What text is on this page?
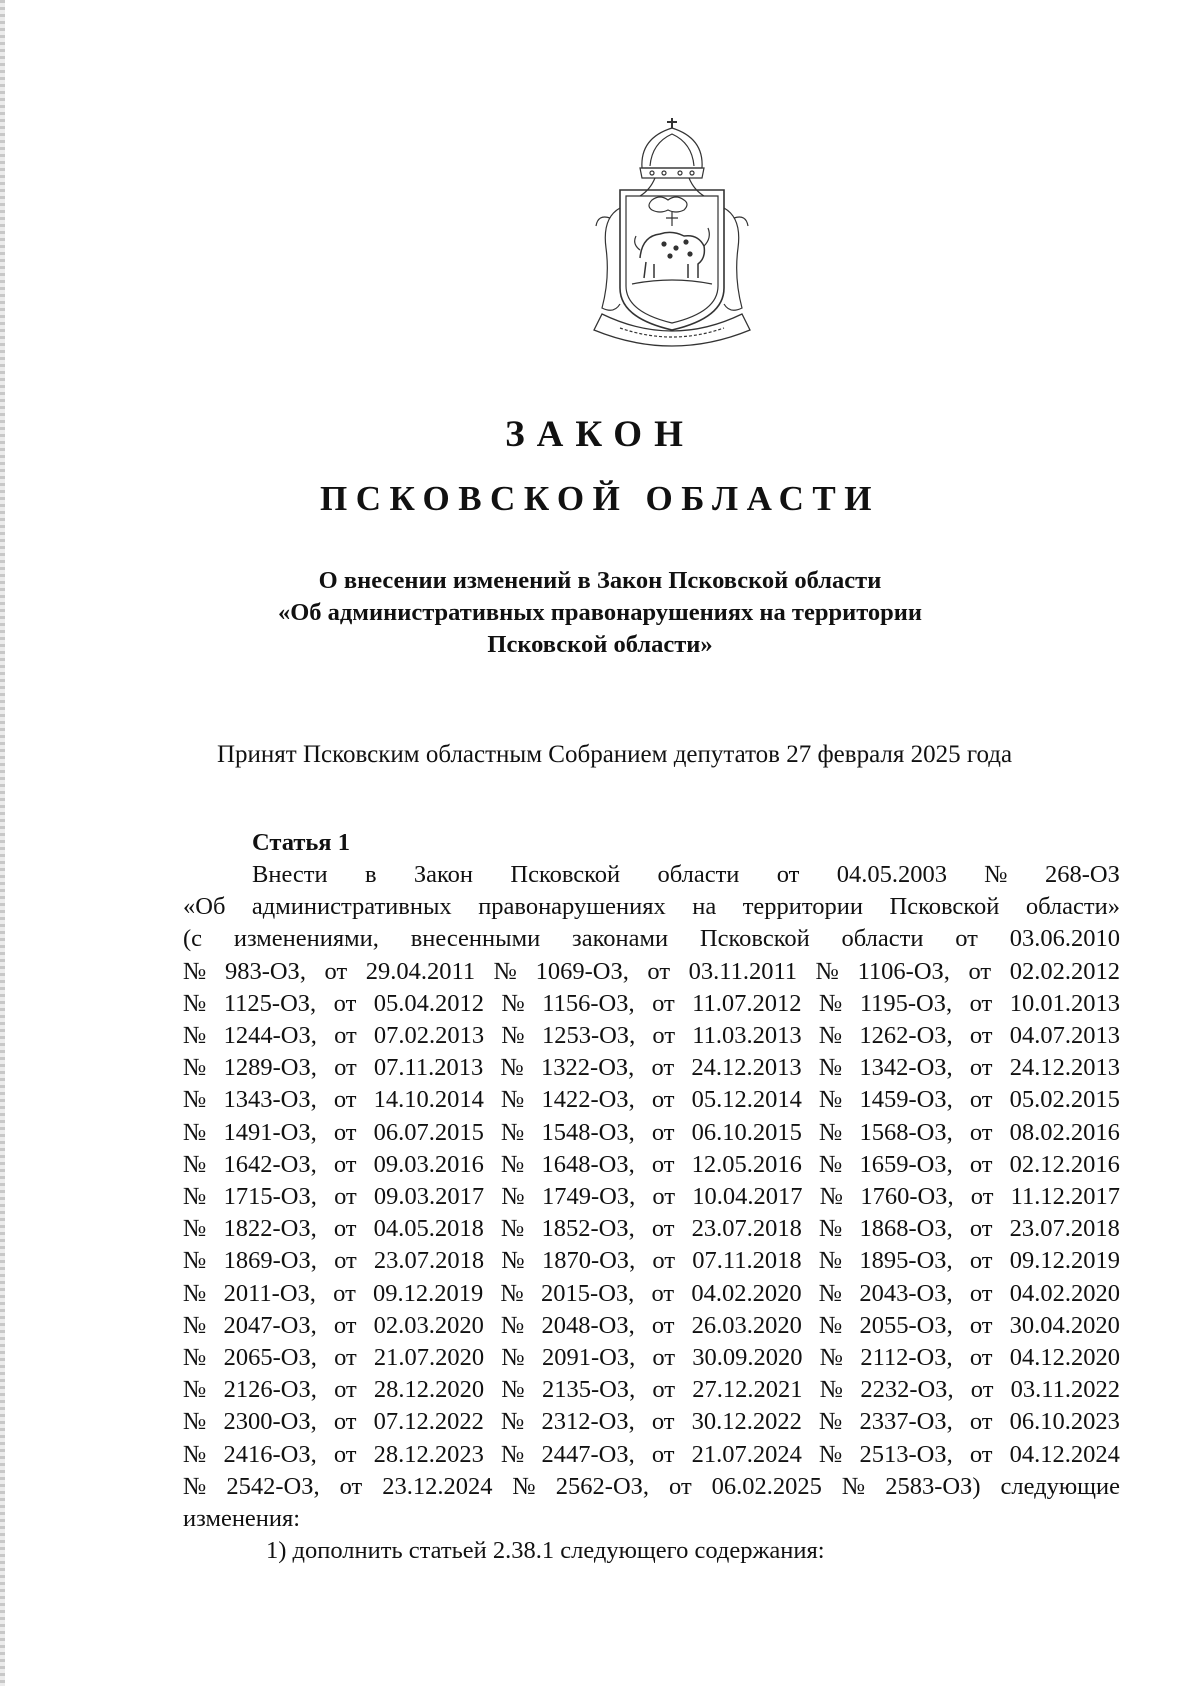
ЗАКОН
ПСКОВСКОЙ ОБЛАСТИ
О внесении изменений в Закон Псковской области
«Об административных правонарушениях на территории
Псковской области»
Принят Псковским областным Собранием депутатов 27 февраля 2025 года
Статья 1
Внести в Закон Псковской области от 04.05.2003 № 268-ОЗ
«Об административных правонарушениях на территории Псковской области»
(с изменениями, внесенными законами Псковской области от 03.06.2010
№ 983-ОЗ, от 29.04.2011 № 1069-ОЗ, от 03.11.2011 № 1106-ОЗ, от 02.02.2012
№ 1125-ОЗ, от 05.04.2012 № 1156-ОЗ, от 11.07.2012 № 1195-ОЗ, от 10.01.2013
№ 1244-ОЗ, от 07.02.2013 № 1253-ОЗ, от 11.03.2013 № 1262-ОЗ, от 04.07.2013
№ 1289-ОЗ, от 07.11.2013 № 1322-ОЗ, от 24.12.2013 № 1342-ОЗ, от 24.12.2013
№ 1343-ОЗ, от 14.10.2014 № 1422-ОЗ, от 05.12.2014 № 1459-ОЗ, от 05.02.2015
№ 1491-ОЗ, от 06.07.2015 № 1548-ОЗ, от 06.10.2015 № 1568-ОЗ, от 08.02.2016
№ 1642-ОЗ, от 09.03.2016 № 1648-ОЗ, от 12.05.2016 № 1659-ОЗ, от 02.12.2016
№ 1715-ОЗ, от 09.03.2017 № 1749-ОЗ, от 10.04.2017 № 1760-ОЗ, от 11.12.2017
№ 1822-ОЗ, от 04.05.2018 № 1852-ОЗ, от 23.07.2018 № 1868-ОЗ, от 23.07.2018
№ 1869-ОЗ, от 23.07.2018 № 1870-ОЗ, от 07.11.2018 № 1895-ОЗ, от 09.12.2019
№ 2011-ОЗ, от 09.12.2019 № 2015-ОЗ, от 04.02.2020 № 2043-ОЗ, от 04.02.2020
№ 2047-ОЗ, от 02.03.2020 № 2048-ОЗ, от 26.03.2020 № 2055-ОЗ, от 30.04.2020
№ 2065-ОЗ, от 21.07.2020 № 2091-ОЗ, от 30.09.2020 № 2112-ОЗ, от 04.12.2020
№ 2126-ОЗ, от 28.12.2020 № 2135-ОЗ, от 27.12.2021 № 2232-ОЗ, от 03.11.2022
№ 2300-ОЗ, от 07.12.2022 № 2312-ОЗ, от 30.12.2022 № 2337-ОЗ, от 06.10.2023
№ 2416-ОЗ, от 28.12.2023 № 2447-ОЗ, от 21.07.2024 № 2513-ОЗ, от 04.12.2024
№ 2542-ОЗ, от 23.12.2024 № 2562-ОЗ, от 06.02.2025 № 2583-ОЗ) следующие
изменения:
1) дополнить статьей 2.38.1 следующего содержания:
